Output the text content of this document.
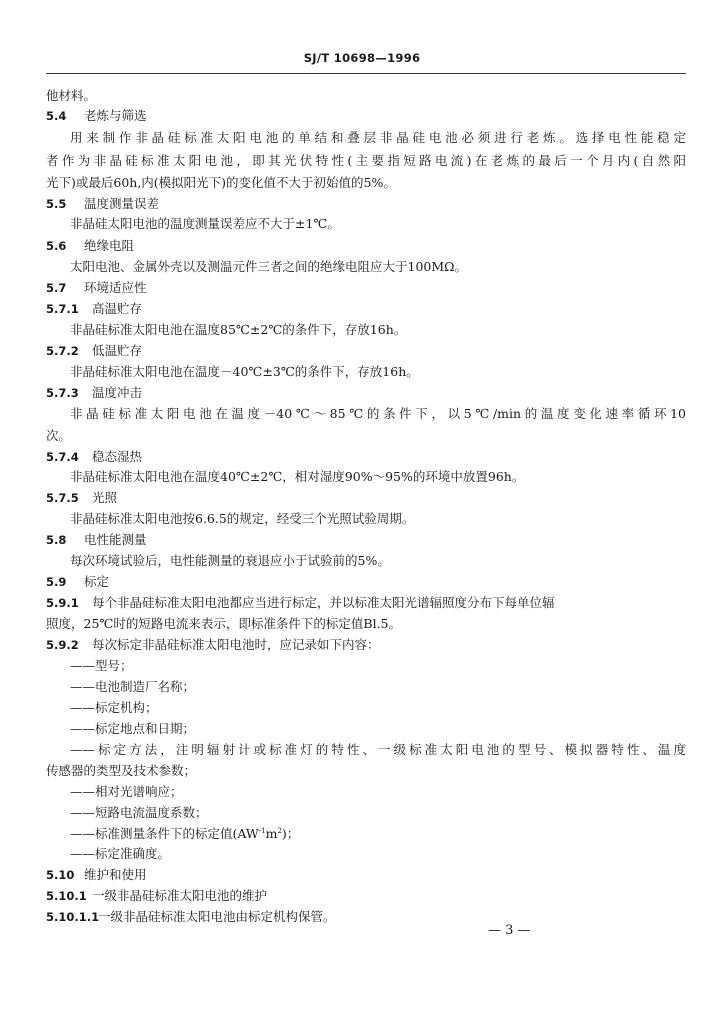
SJ/T 10698—1996
他材料。
5.4 老炼与筛选
用来制作非晶硅标准太阳电池的单结和叠层非晶硅电池必须进行老炼。选择电性能稳定
者作为非晶硅标准太阳电池，即其光伏特性(主要指短路电流)在老炼的最后一个月内(自然阳
光下)或最后60h,内(模拟阳光下)的变化值不大于初始值的5%。
5.5 温度测量误差
非晶硅太阳电池的温度测量误差应不大于±1℃。
5.6 绝缘电阻
太阳电池、金属外壳以及测温元件三者之间的绝缘电阻应大于100MΩ。
5.7 环境适应性
5.7.1 高温贮存
非晶硅标准太阳电池在温度85℃±2℃的条件下，存放16h。
5.7.2 低温贮存
非晶硅标准太阳电池在温度－40℃±3℃的条件下，存放16h。
5.7.3 温度冲击
非晶硅标准太阳电池在温度－40℃～85℃的条件下，以5℃/min的温度变化速率循环10
次。
5.7.4 稳态湿热
非晶硅标准太阳电池在温度40℃±2℃，相对湿度90%～95%的环境中放置96h。
5.7.5 光照
非晶硅标准太阳电池按6.6.5的规定，经受三个光照试验周期。
5.8 电性能测量
每次环境试验后，电性能测量的衰退应小于试验前的5%。
5.9 标定
5.9.1 每个非晶硅标准太阳电池都应当进行标定，并以标准太阳光谱辐照度分布下每单位辐
照度，25℃时的短路电流来表示，即标准条件下的标定值Bl.5。
5.9.2 每次标定非晶硅标准太阳电池时，应记录如下内容：
——型号；
——电池制造厂名称；
——标定机构；
——标定地点和日期；
——标定方法，注明辐射计或标准灯的特性、一级标准太阳电池的型号、模拟器特性、温度
传感器的类型及技术参数；
——相对光谱响应；
——短路电流温度系数；
——标准测量条件下的标定值$(AW^{-1}m^2)$；
——标定准确度。
5.10 维护和使用
5.10.1 一级非晶硅标准太阳电池的维护
5.10.1.1一级非晶硅标准太阳电池由标定机构保管。
— 3 —
